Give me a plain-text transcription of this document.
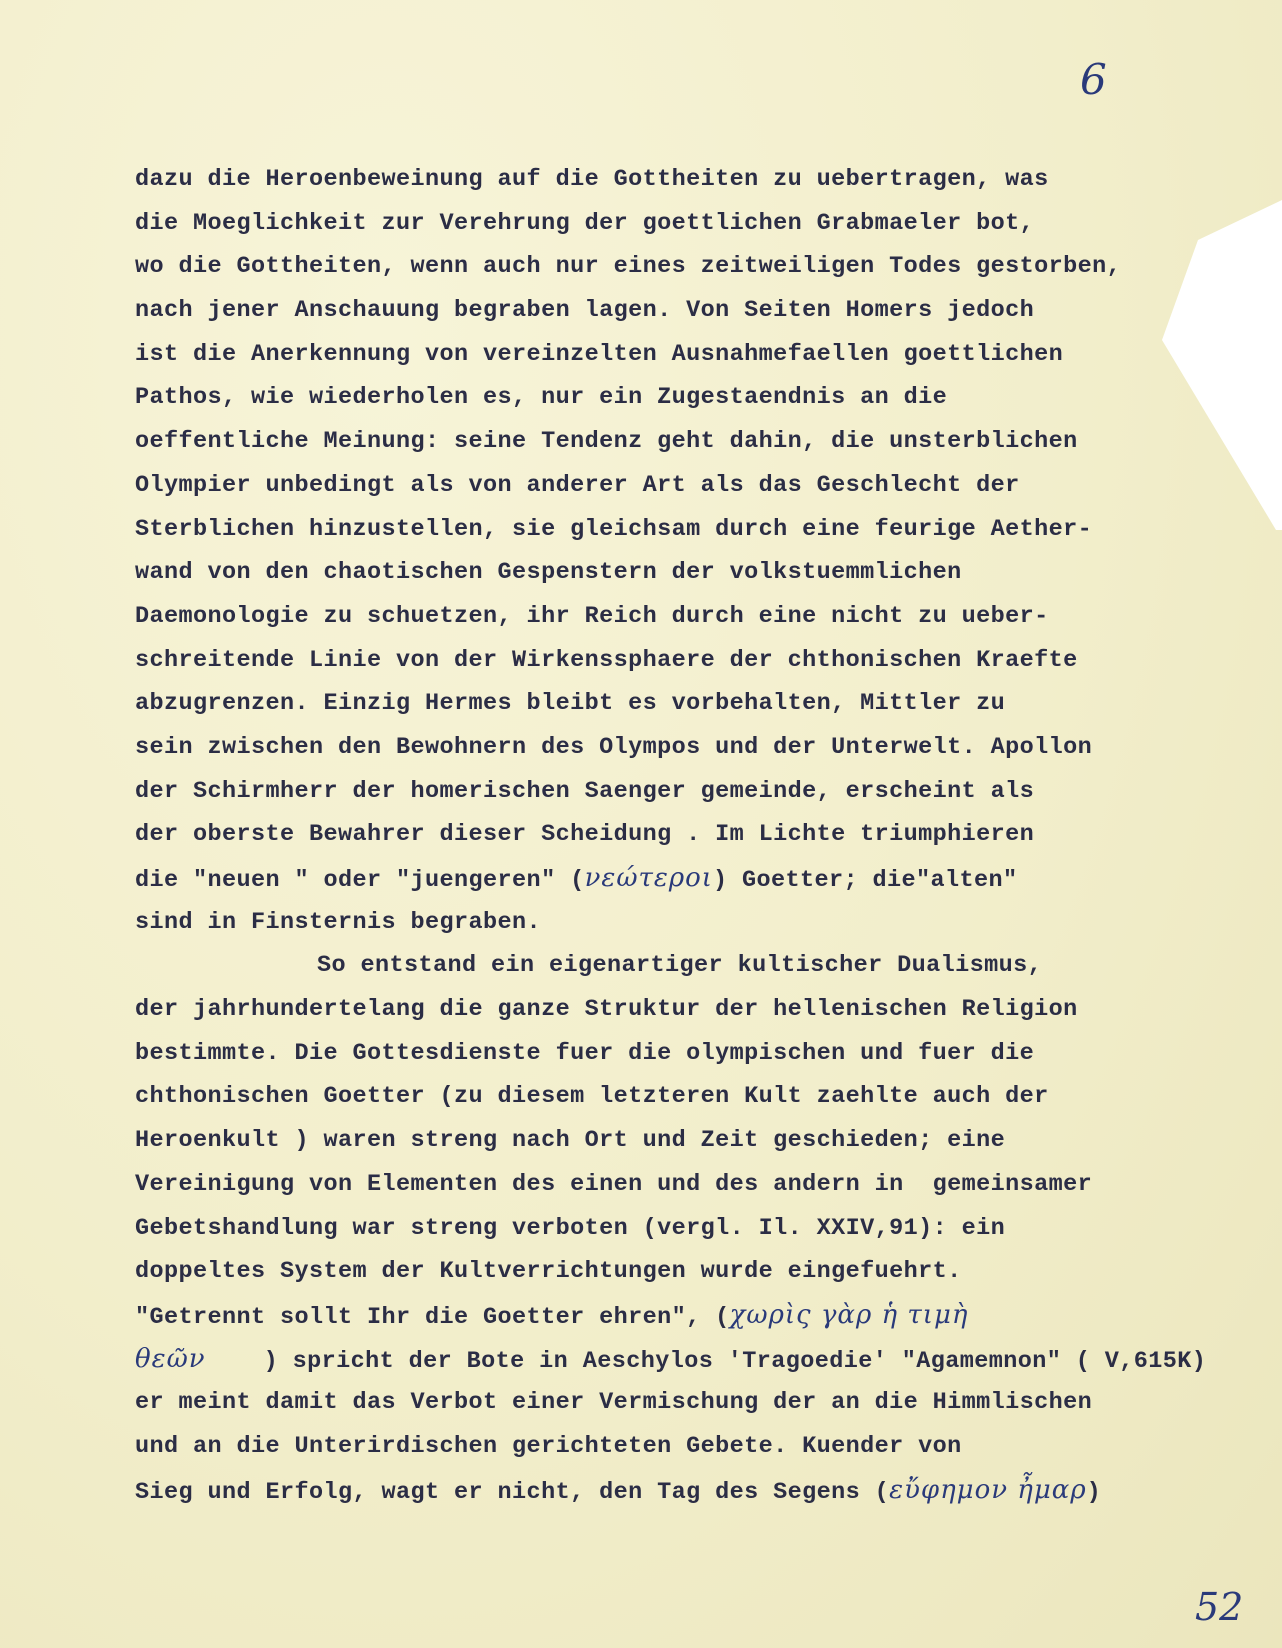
6
dazu die Heroenbeweinung auf die Gottheiten zu uebertragen, was
die Moeglichkeit zur Verehrung der goettlichen Grabmaeler bot,
wo die Gottheiten, wenn auch nur eines zeitweiligen Todes gestorben,
nach jener Anschauung begraben lagen. Von Seiten Homers jedoch
ist die Anerkennung von vereinzelten Ausnahmefaellen goettlichen
Pathos, wie wiederholen es, nur ein Zugestaendnis an die
oeffentliche Meinung: seine Tendenz geht dahin, die unsterblichen
Olympier unbedingt als von anderer Art als das Geschlecht der
Sterblichen hinzustellen, sie gleichsam durch eine feurige Aether-
wand von den chaotischen Gespenstern der volkstuemmlichen
Daemonologie zu schuetzen, ihr Reich durch eine nicht zu ueber-
schreitende Linie von der Wirkenssphaere der chthonischen Kraefte
abzugrenzen. Einzig Hermes bleibt es vorbehalten, Mittler zu
sein zwischen den Bewohnern des Olympos und der Unterwelt. Apollon
der Schirmherr der homerischen Saenger gemeinde, erscheint als
der oberste Bewahrer dieser Scheidung . Im Lichte triumphieren
die "neuen " oder "juengeren" (νεώτεροι) Goetter; die"alten"
sind in Finsternis begraben.
So entstand ein eigenartiger kultischer Dualismus,
der jahrhundertelang die ganze Struktur der hellenischen Religion
bestimmte. Die Gottesdienste fuer die olympischen und fuer die
chthonischen Goetter (zu diesem letzteren Kult zaehlte auch der
Heroenkult ) waren streng nach Ort und Zeit geschieden; eine
Vereinigung von Elementen des einen und des andern in  gemeinsamer
Gebetshandlung war streng verboten (vergl. Il. XXIV,91): ein
doppeltes System der Kultverrichtungen wurde eingefuehrt.
"Getrennt sollt Ihr die Goetter ehren", (χωρὶς γὰρ ἡ τιμὴ
θεῶν ) spricht der Bote in Aeschylos 'Tragoedie' "Agamemnon" ( V,615K)
er meint damit das Verbot einer Vermischung der an die Himmlischen
und an die Unterirdischen gerichteten Gebete. Kuender von
Sieg und Erfolg, wagt er nicht, den Tag des Segens (εὔφημον ἦμαρ)
52
